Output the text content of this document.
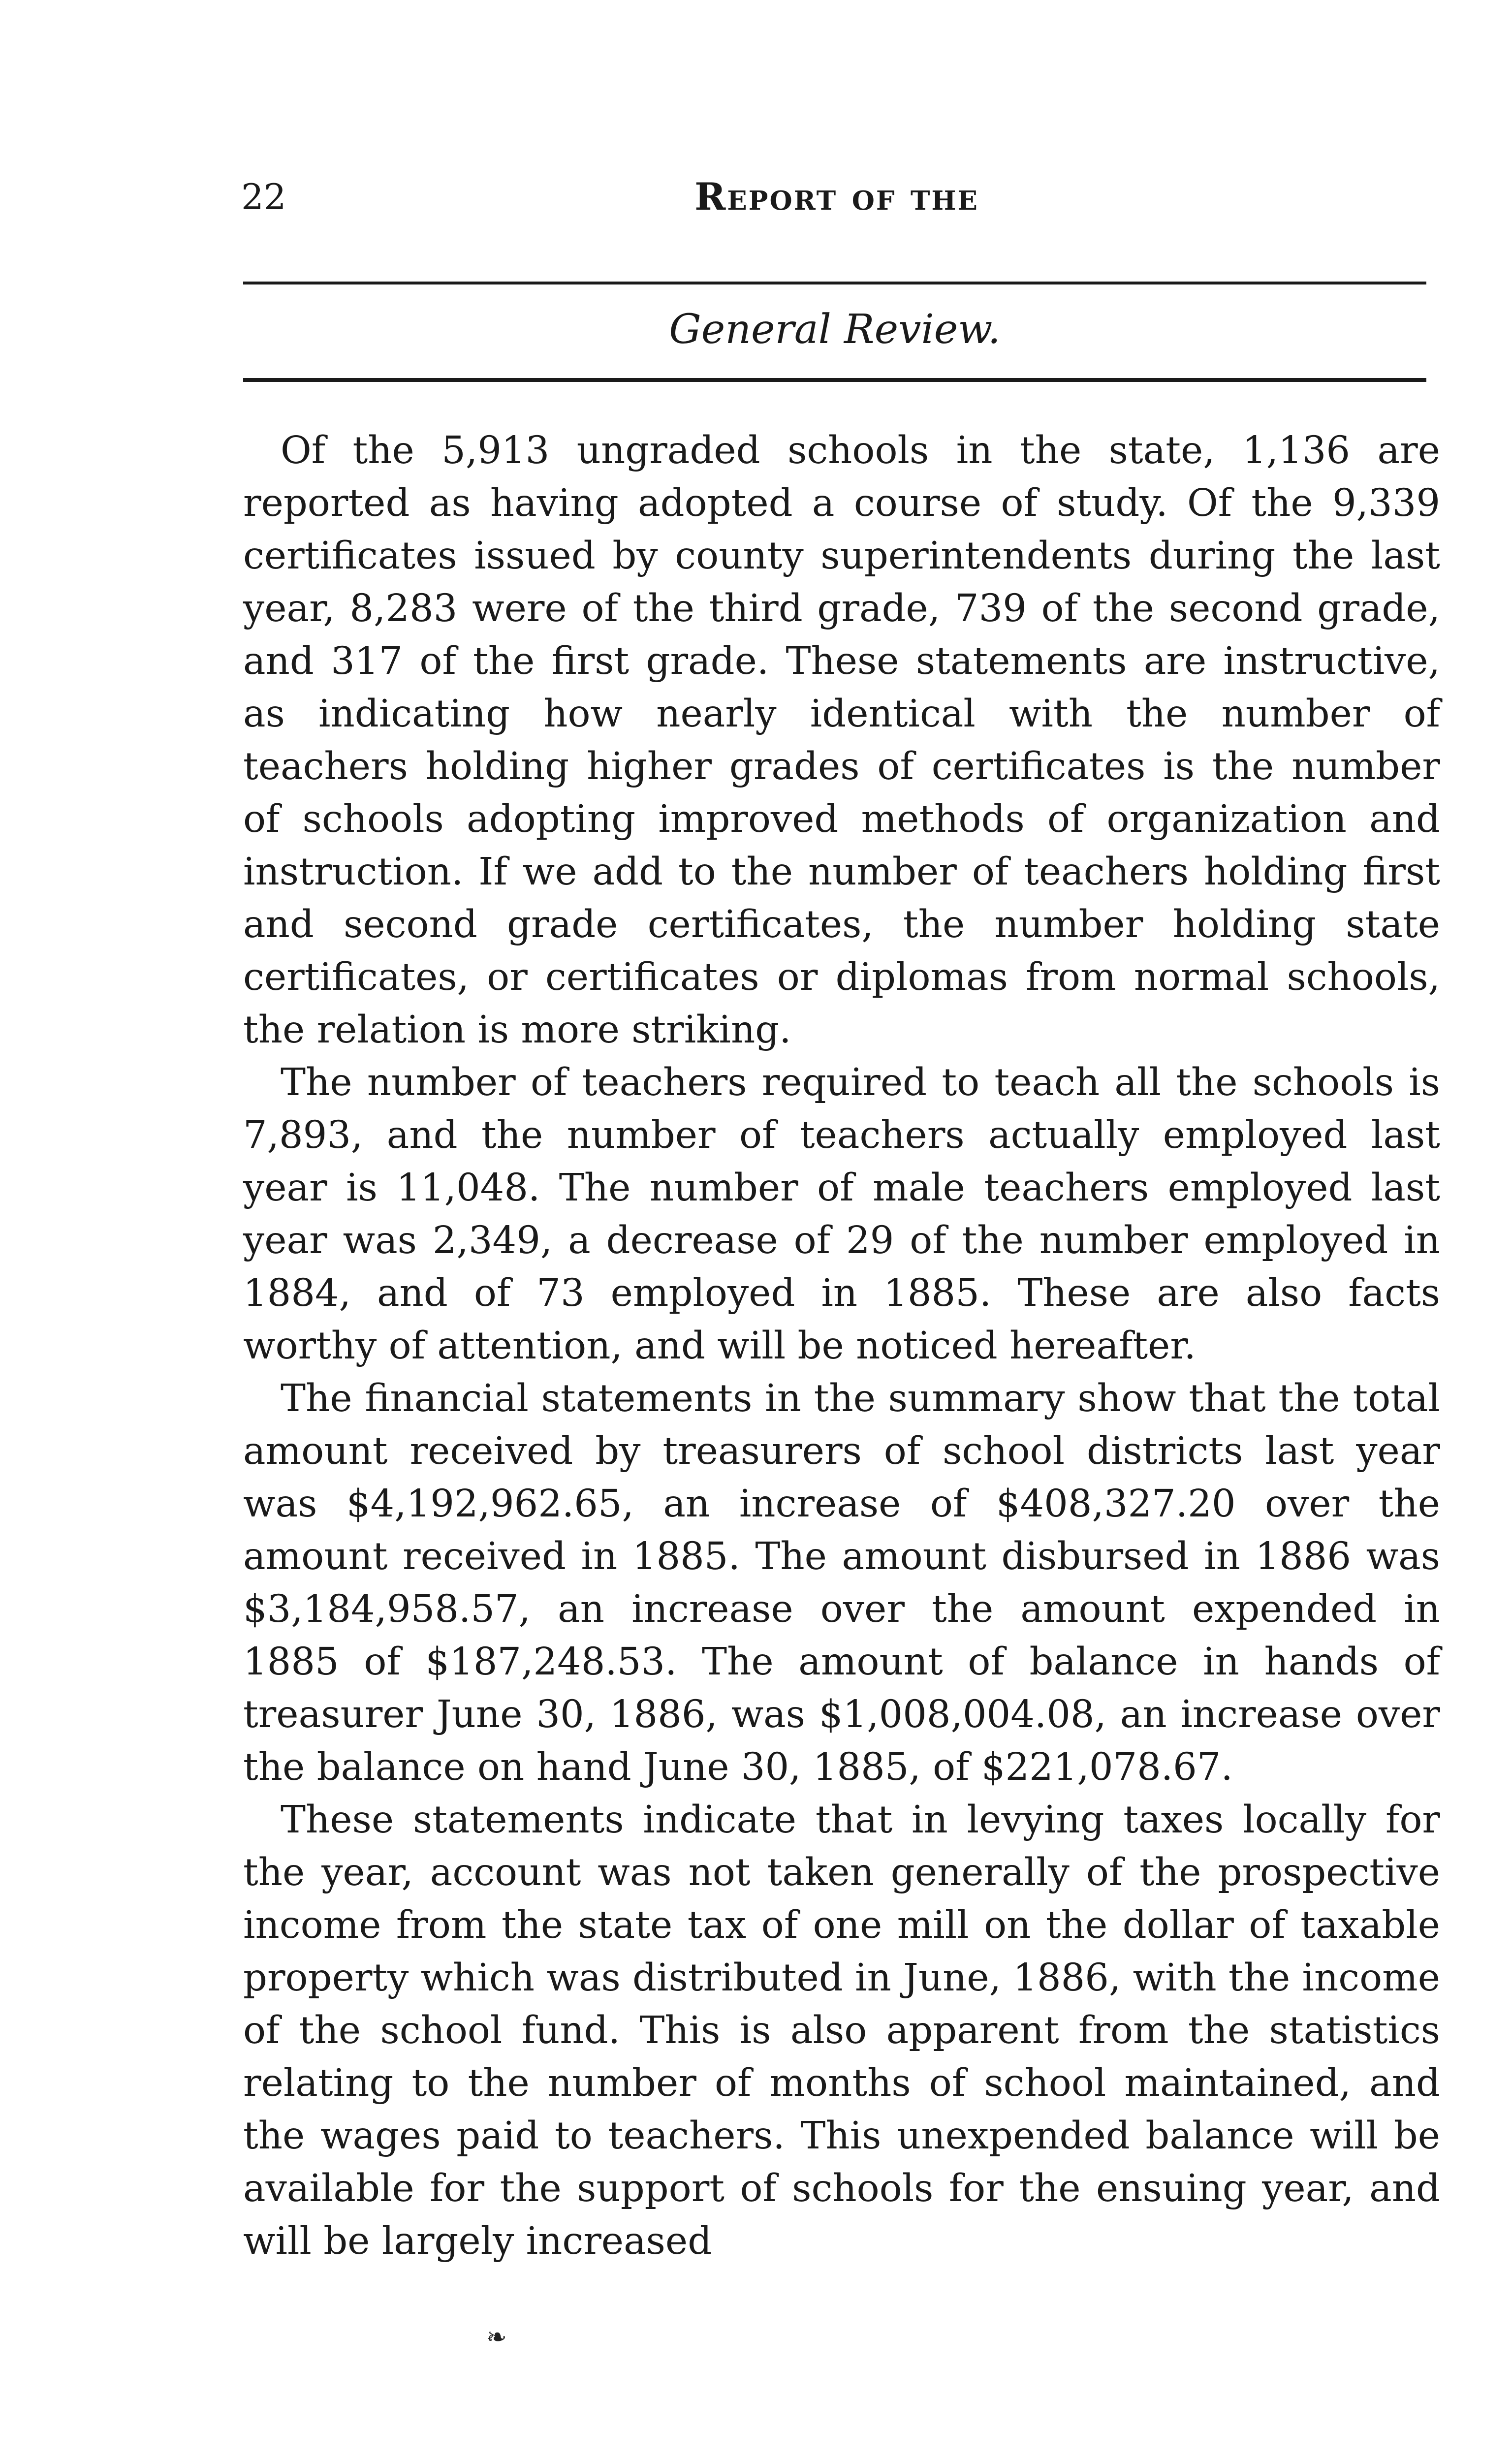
22	Report of the
General Review.

Of the 5,913 ungraded schools in the state, 1,136 are reported as having adopted a course of study. Of the 9,339 certificates issued by county superintendents during the last year, 8,283 were of the third grade, 739 of the second grade, and 317 of the first grade. These statements are instructive, as indicating how nearly identical with the number of teachers holding higher grades of certificates is the number of schools adopting improved methods of organization and instruction. If we add to the number of teachers holding first and second grade certificates, the number holding state certificates, or certificates or diplomas from normal schools, the relation is more striking.

The number of teachers required to teach all the schools is 7,893, and the number of teachers actually employed last year is 11,048. The number of male teachers employed last year was 2,349, a decrease of 29 of the number employed in 1884, and of 73 employed in 1885. These are also facts worthy of attention, and will be noticed hereafter.

The financial statements in the summary show that the total amount received by treasurers of school districts last year was $4,192,962.65, an increase of $408,327.20 over the amount received in 1885. The amount disbursed in 1886 was $3,184,958.57, an increase over the amount expended in 1885 of $187,248.53. The amount of balance in hands of treasurer June 30, 1886, was $1,008,004.08, an increase over the balance on hand June 30, 1885, of $221,078.67.

These statements indicate that in levying taxes locally for the year, account was not taken generally of the prospective income from the state tax of one mill on the dollar of taxable property which was distributed in June, 1886, with the income of the school fund. This is also apparent from the statistics relating to the number of months of school maintained, and the wages paid to teachers. This unexpended balance will be available for the support of schools for the ensuing year, and will be largely increased

❧
